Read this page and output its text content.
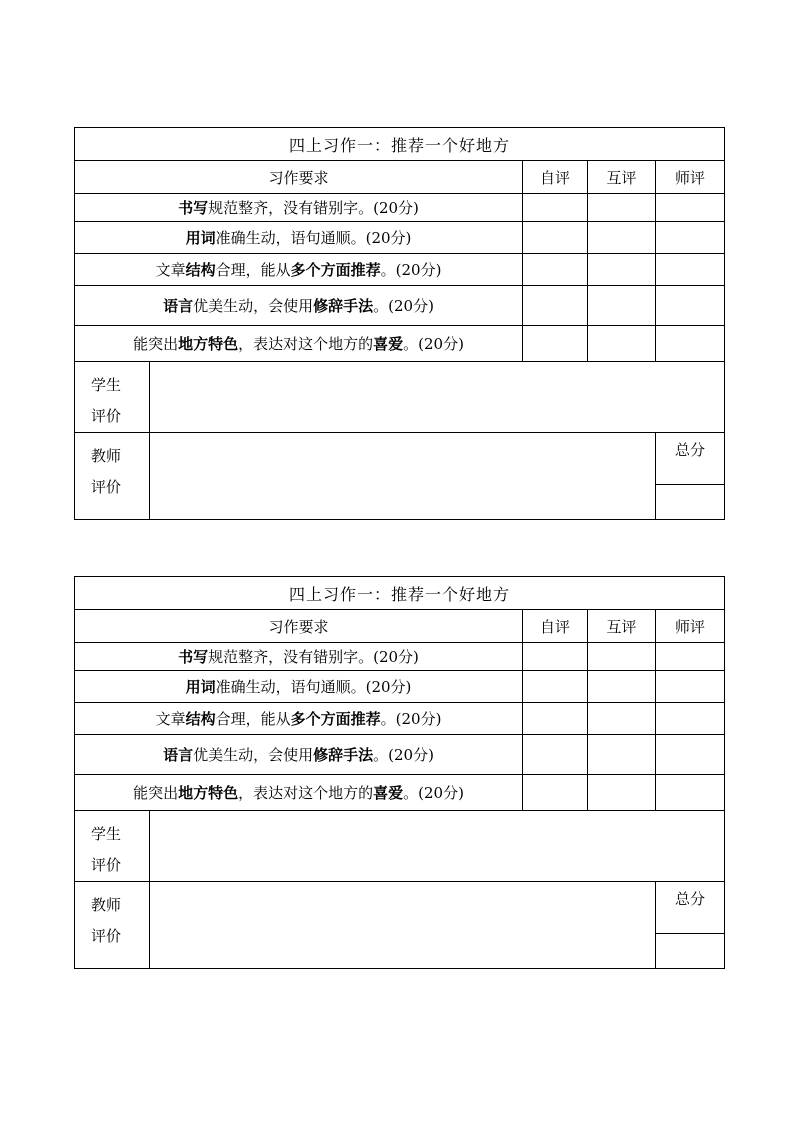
四上习作一：推荐一个好地方				
习作要求		自评	互评	师评

书写规范整齐，没有错别字。(20分)				

用词准确生动，语句通顺。(20分)				

文章结构合理，能从多个方面推荐。(20分)				

语言优美生动，会使用修辞手法。(20分)				

能突出地方特色，表达对这个地方的喜爱。(20分)				

学生
评价				

教师
评价				总分

四上习作一：推荐一个好地方				
习作要求		自评	互评	师评

书写规范整齐，没有错别字。(20分)				

用词准确生动，语句通顺。(20分)				

文章结构合理，能从多个方面推荐。(20分)				

语言优美生动，会使用修辞手法。(20分)				

能突出地方特色，表达对这个地方的喜爱。(20分)				

学生
评价				

教师
评价				总分
